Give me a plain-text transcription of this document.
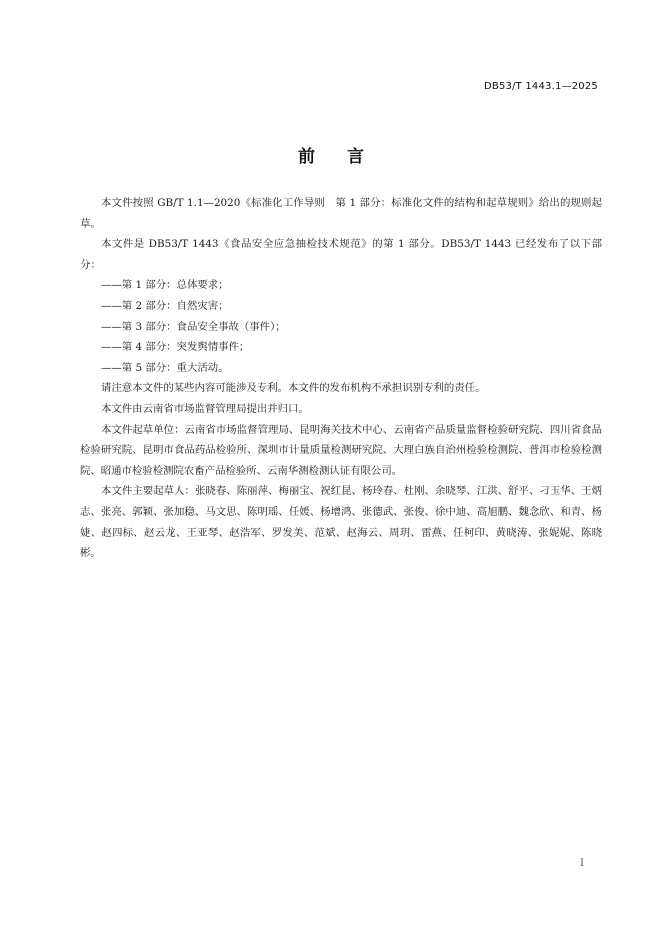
DB53/T 1443.1—2025
前言

本文件按照 GB/T 1.1—2020《标准化工作导则　第 1 部分：标准化文件的结构和起草规则》给出的规则起草。

本文件是 DB53/T 1443《食品安全应急抽检技术规范》的第 1 部分。DB53/T 1443 已经发布了以下部分：

——第 1 部分：总体要求；

——第 2 部分：自然灾害；

——第 3 部分：食品安全事故（事件）；

——第 4 部分：突发舆情事件；

——第 5 部分：重大活动。

请注意本文件的某些内容可能涉及专利。本文件的发布机构不承担识别专利的责任。

本文件由云南省市场监督管理局提出并归口。

本文件起草单位：云南省市场监督管理局、昆明海关技术中心、云南省产品质量监督检验研究院、四川省食品检验研究院、昆明市食品药品检验所、深圳市计量质量检测研究院、大理白族自治州检验检测院、普洱市检验检测院、昭通市检验检测院农畜产品检验所、云南华测检测认证有限公司。

本文件主要起草人：张晓春、陈丽萍、梅丽宝、祝红昆、杨玲春、杜刚、余晓琴、江洪、舒平、刁玉华、王炳志、张亮、郭颖、张加稳、马文思、陈明瑶、任媛、杨增鸿、张德武、张俊、徐中迪、高旭鹏、魏念欣、和青、杨婕、赵四标、赵云龙、王亚琴、赵浩军、罗发美、范斌、赵海云、周玥、雷燕、任柯印、黄晓涛、张妮妮、陈晓彬。

I
